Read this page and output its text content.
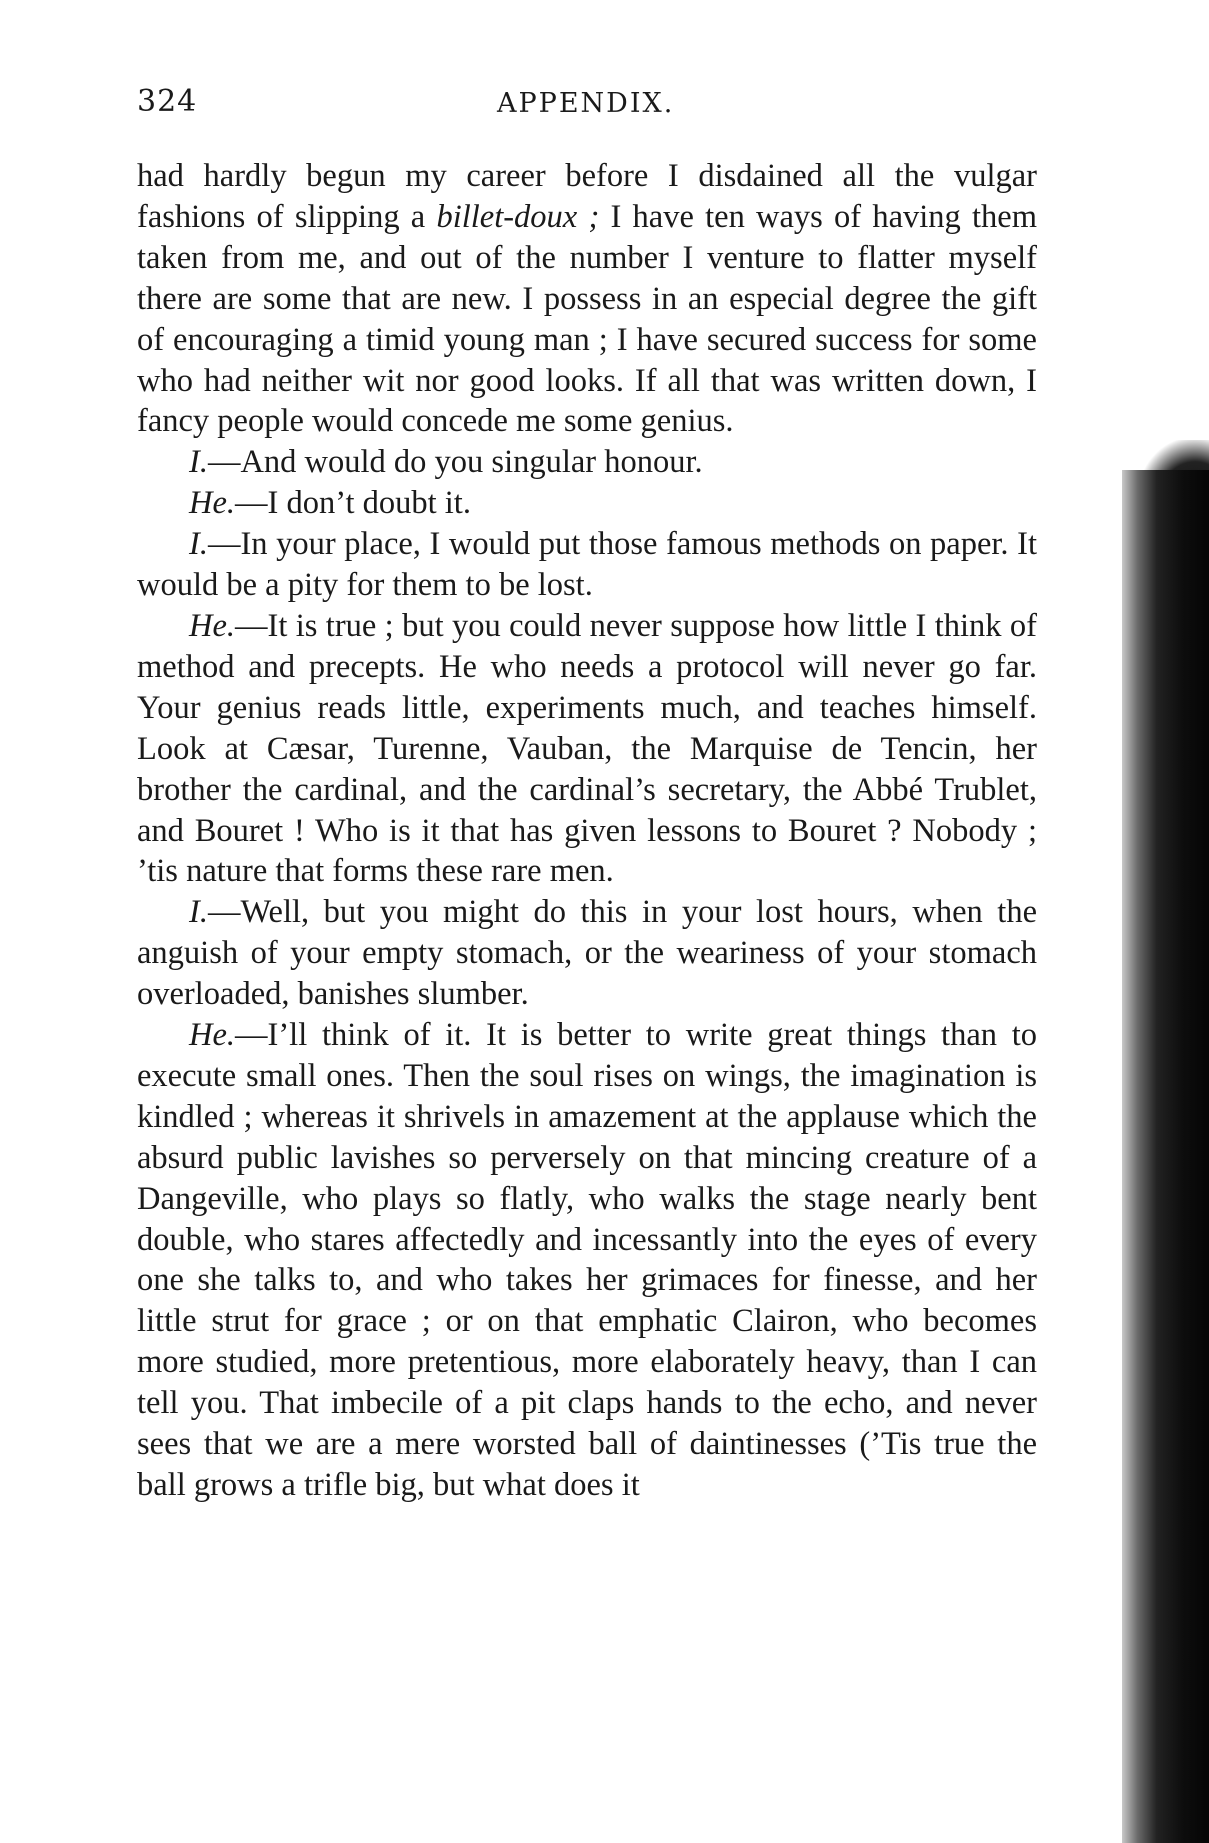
324	APPENDIX.

had hardly begun my career before I disdained all the vulgar fashions of slipping a billet-doux ; I have ten ways of having them taken from me, and out of the number I venture to flatter myself there are some that are new. I possess in an especial degree the gift of encouraging a timid young man ; I have secured success for some who had neither wit nor good looks. If all that was written down, I fancy people would concede me some genius.

I.—And would do you singular honour.

He.—I don’t doubt it.

I.—In your place, I would put those famous methods on paper. It would be a pity for them to be lost.

He.—It is true ; but you could never suppose how little I think of method and precepts. He who needs a protocol will never go far. Your genius reads little, experiments much, and teaches himself. Look at Cæsar, Turenne, Vauban, the Marquise de Tencin, her brother the cardinal, and the cardinal’s secretary, the Abbé Trublet, and Bouret ! Who is it that has given lessons to Bouret ? Nobody ; ’tis nature that forms these rare men.

I.—Well, but you might do this in your lost hours, when the anguish of your empty stomach, or the weariness of your stomach overloaded, banishes slumber.

He.—I’ll think of it. It is better to write great things than to execute small ones. Then the soul rises on wings, the imagination is kindled ; whereas it shrivels in amazement at the applause which the absurd public lavishes so perversely on that mincing creature of a Dangeville, who plays so flatly, who walks the stage nearly bent double, who stares affectedly and incessantly into the eyes of every one she talks to, and who takes her grimaces for finesse, and her little strut for grace ; or on that emphatic Clairon, who becomes more studied, more pretentious, more elaborately heavy, than I can tell you. That imbecile of a pit claps hands to the echo, and never sees that we are a mere worsted ball of daintinesses (’Tis true the ball grows a trifle big, but what does it
